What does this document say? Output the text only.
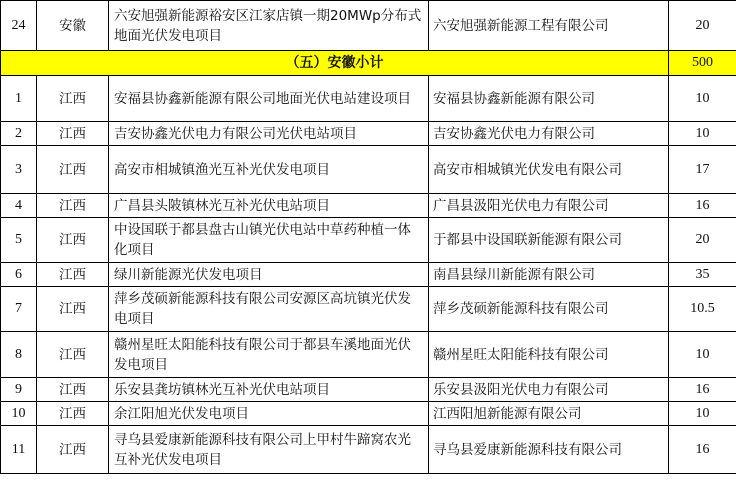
24	安徽	六安旭强新能源裕安区江家店镇一期20MWp分布式地面光伏发电项目	六安旭强新能源工程有限公司	20
（五）安徽小计				500
1	江西	安福县协鑫新能源有限公司地面光伏电站建设项目	安福县协鑫新能源有限公司	10
2	江西	吉安协鑫光伏电力有限公司光伏电站项目	吉安协鑫光伏电力有限公司	10
3	江西	高安市相城镇渔光互补光伏发电项目	高安市相城镇光伏发电有限公司	17
4	江西	广昌县头陂镇林光互补光伏电站项目	广昌县汲阳光伏电力有限公司	16
5	江西	中设国联于都县盘古山镇光伏电站中草药种植一体化项目	于都县中设国联新能源有限公司	20
6	江西	绿川新能源光伏发电项目	南昌县绿川新能源有限公司	35
7	江西	萍乡茂硕新能源科技有限公司安源区高坑镇光伏发电项目	萍乡茂硕新能源科技有限公司	10.5
8	江西	赣州星旺太阳能科技有限公司于都县车溪地面光伏发电项目	赣州星旺太阳能科技有限公司	10
9	江西	乐安县龚坊镇林光互补光伏电站项目	乐安县汲阳光伏电力有限公司	16
10	江西	余江阳旭光伏发电项目	江西阳旭新能源有限公司	10
11	江西	寻乌县爱康新能源科技有限公司上甲村牛蹄窝农光互补光伏发电项目	寻乌县爱康新能源科技有限公司	16
